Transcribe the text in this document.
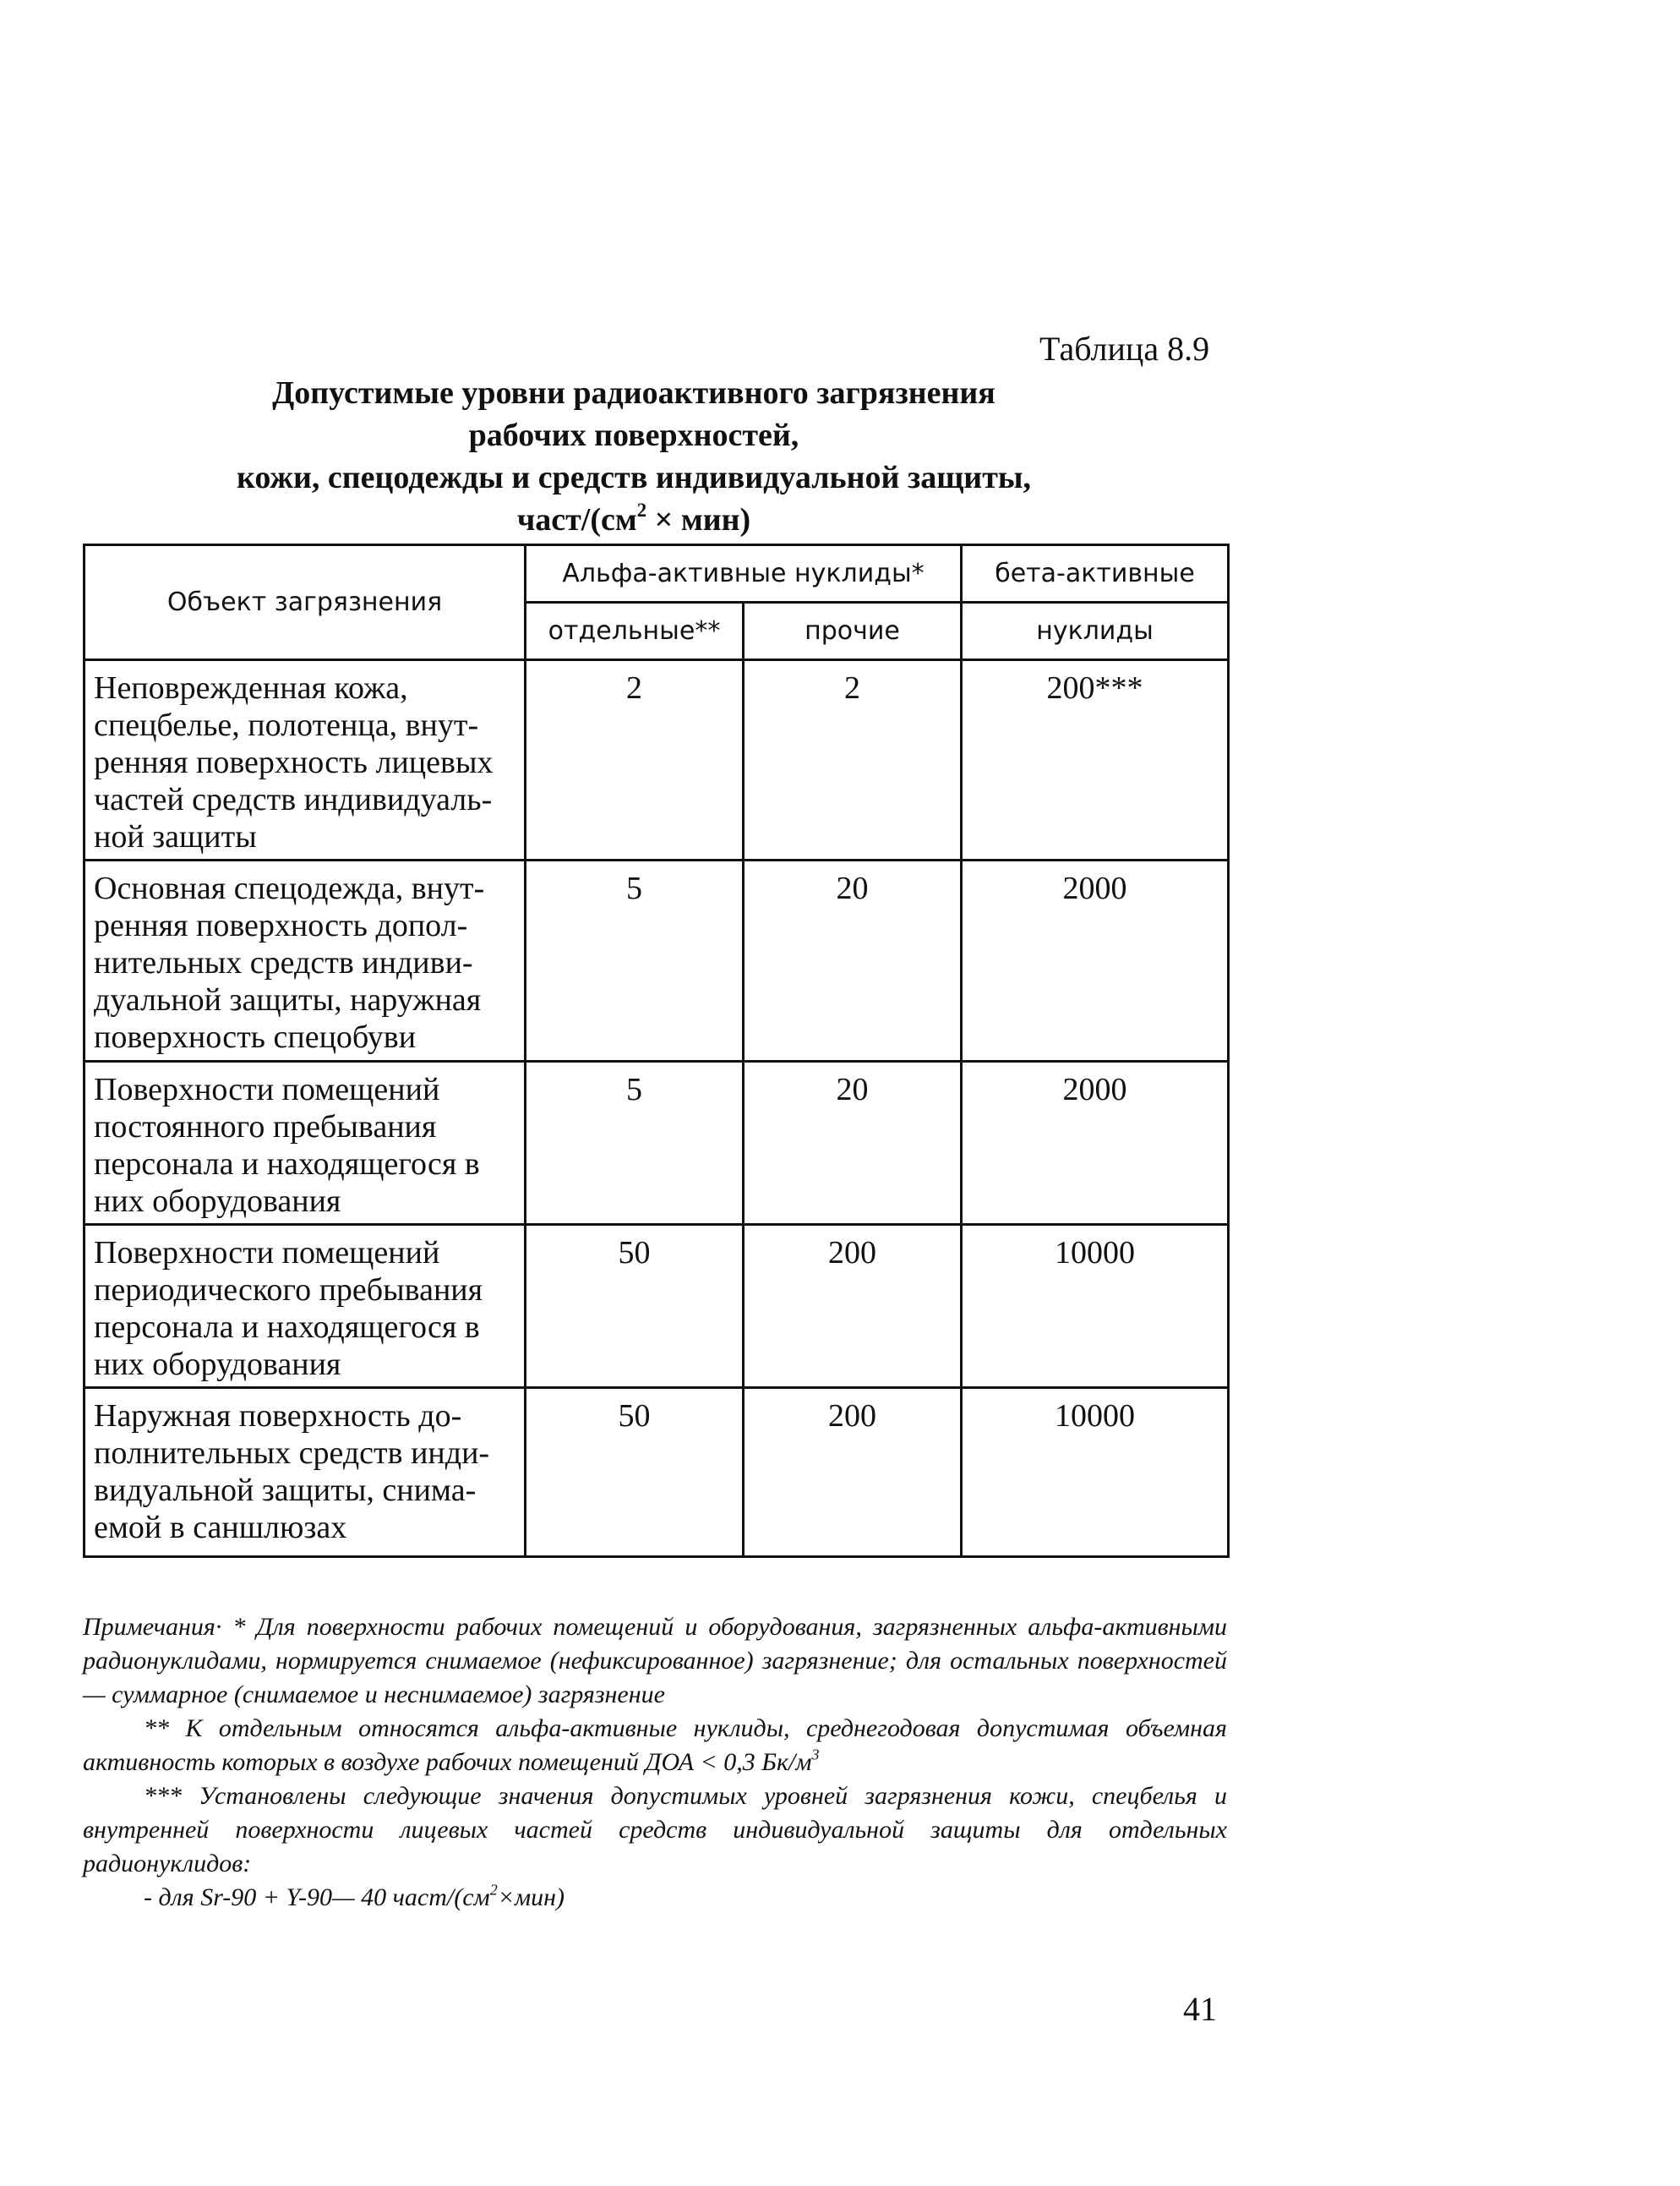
Таблица 8.9
Допустимые уровни радиоактивного загрязнения
рабочих поверхностей,
кожи, спецодежды и средств индивидуальной защиты,
част/$(см^2 \times мин)$
Объект загрязнения	Альфа-активные нуклиды*		бета-активные
	отдельные**	прочие	нуклиды

Неповрежденная кожа,
спецбелье, полотенца, внут-
ренняя поверхность лицевых
частей средств индивидуаль-
ной защиты	2	2	200***

Основная спецодежда, внут-
ренняя поверхность допол-
нительных средств индиви-
дуальной защиты, наружная
поверхность спецобуви	5	20	2000

Поверхности помещений
постоянного пребывания
персонала и находящегося в
них оборудования	5	20	2000

Поверхности помещений
периодического пребывания
персонала и находящегося в
них оборудования	50	200	10000

Наружная поверхность до-
полнительных средств инди-
видуальной защиты, снима-
емой в саншлюзах	50	200	10000

Примечания· * Для поверхности рабочих помещений и оборудования, загрязненных альфа-активными радионуклидами, нормируется снимаемое (нефиксированное) загрязнение; для остальных поверхностей — суммарное (снимаемое и неснимаемое) загрязнение

** К отдельным относятся альфа-активные нуклиды, среднегодовая допустимая объемная активность которых в воздухе рабочих помещений ДОА < 0,3 $Бк/м^3$

*** Установлены следующие значения допустимых уровней загрязнения кожи, спецбелья и внутренней поверхности лицевых частей средств индивидуальной защиты для отдельных радионуклидов:

- для Sr-90 + Y-90— 40 част/$(см^2\times мин)$

41
